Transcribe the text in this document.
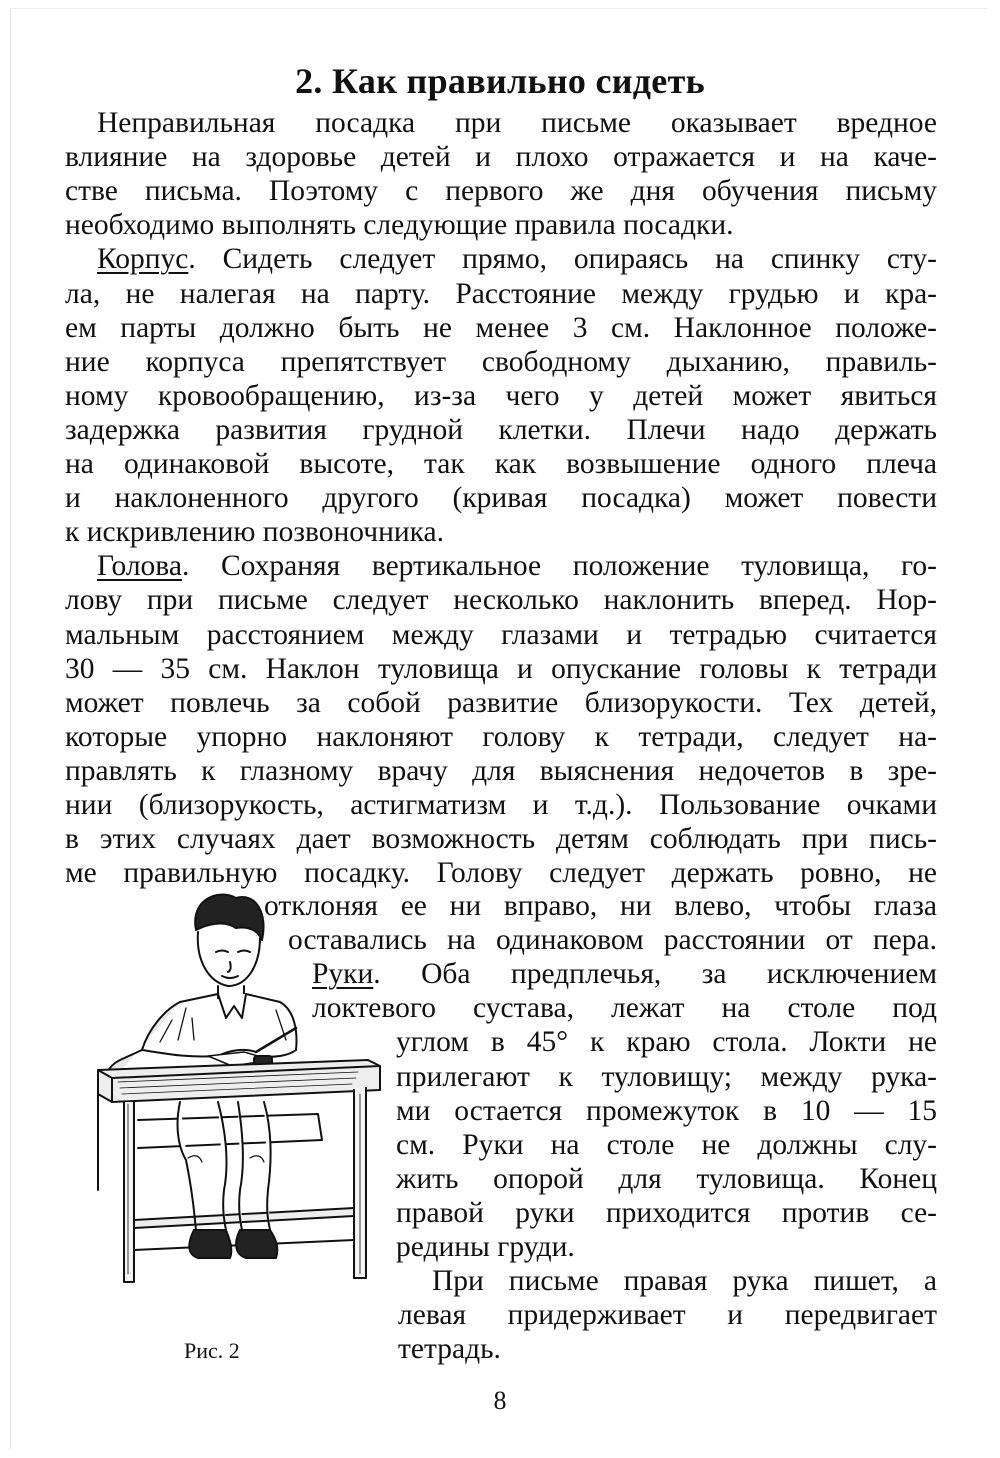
2. Как правильно сидеть
Неправильная посадка при письме оказывает вредное
влияние на здоровье детей и плохо отражается и на каче-
стве письма. Поэтому с первого же дня обучения письму
необходимо выполнять следующие правила посадки.
Корпус. Сидеть следует прямо, опираясь на спинку сту-
ла, не налегая на парту. Расстояние между грудью и кра-
ем парты должно быть не менее 3 см. Наклонное положе-
ние корпуса препятствует свободному дыханию, правиль-
ному кровообращению, из-за чего у детей может явиться
задержка развития грудной клетки. Плечи надо держать
на одинаковой высоте, так как возвышение одного плеча
и наклоненного другого (кривая посадка) может повести
к искривлению позвоночника.
Голова. Сохраняя вертикальное положение туловища, го-
лову при письме следует несколько наклонить вперед. Нор-
мальным расстоянием между глазами и тетрадью считается
30 — 35 см. Наклон туловища и опускание головы к тетради
может повлечь за собой развитие близорукости. Тех детей,
которые упорно наклоняют голову к тетради, следует на-
правлять к глазному врачу для выяснения недочетов в зре-
нии (близорукость, астигматизм и т.д.). Пользование очками
в этих случаях дает возможность детям соблюдать при пись-
ме правильную посадку. Голову следует держать ровно, не
отклоняя ее ни вправо, ни влево, чтобы глаза
оставались на одинаковом расстоянии от пера.
Руки. Оба предплечья, за исключением
локтевого сустава, лежат на столе под
углом в 45° к краю стола. Локти не
прилегают к туловищу; между рука-
ми остается промежуток в 10 — 15
см. Руки на столе не должны слу-
жить опорой для туловища. Конец
правой руки приходится против се-
редины груди.
При письме правая рука пишет, а
левая придерживает и передвигает
тетрадь.
Рис. 2
8
